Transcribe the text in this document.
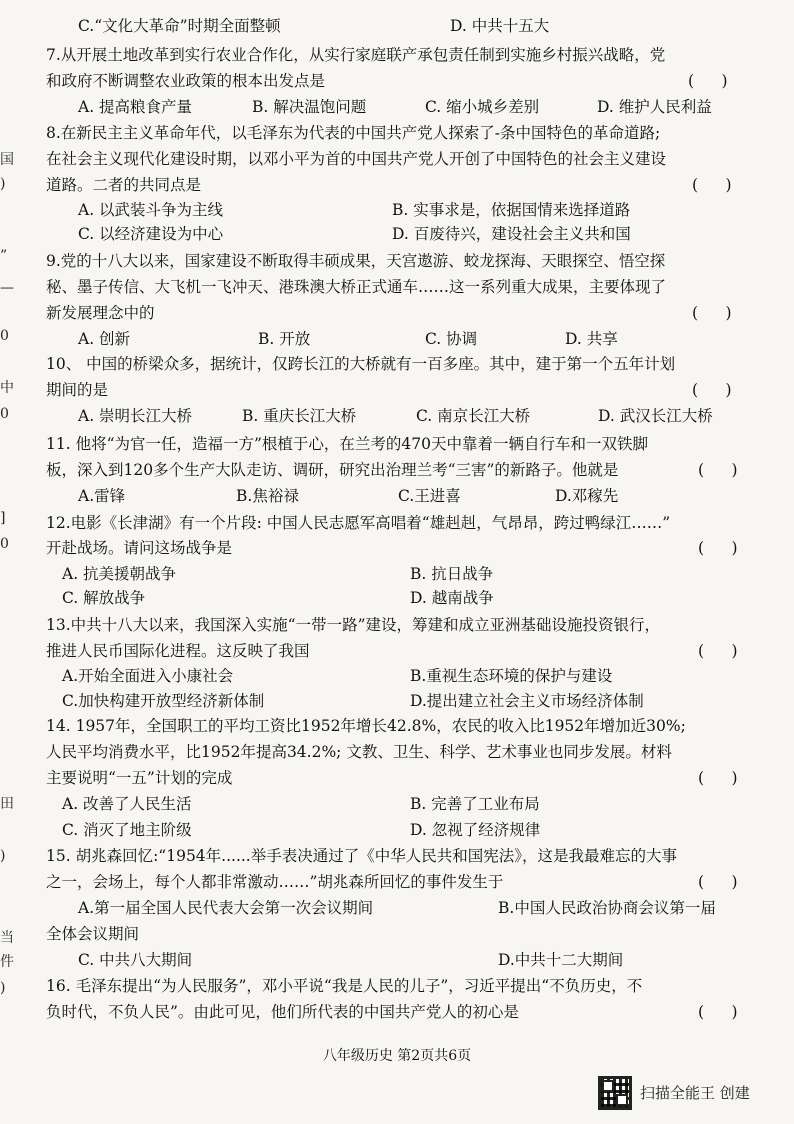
C.“文化大革命”时期全面整顿	D. 中共十五大
7.从开展土地改革到实行农业合作化，从实行家庭联产承包责任制到实施乡村振兴战略，党
和政府不断调整农业政策的根本出发点是
A. 提高粮食产量	B. 解决温饱问题	C. 缩小城乡差别	D. 维护人民利益
8.在新民主主义革命年代，以毛泽东为代表的中国共产党人探索了-条中国特色的革命道路;
在社会主义现代化建设时期，以邓小平为首的中国共产党人开创了中国特色的社会主义建设
道路。二者的共同点是
A. 以武装斗争为主线	B. 实事求是，依据国情来选择道路
C. 以经济建设为中心	D. 百废待兴，建设社会主义共和国
9.党的十八大以来，国家建设不断取得丰硕成果，天宫遨游、蛟龙探海、天眼探空、悟空探
秘、墨子传信、大飞机一飞冲天、港珠澳大桥正式通车……这一系列重大成果，主要体现了
新发展理念中的
A. 创新	B. 开放	C. 协调	D. 共享
10、 中国的桥梁众多，据统计，仅跨长江的大桥就有一百多座。其中，建于第一个五年计划
期间的是
A. 崇明长江大桥	B. 重庆长江大桥	C. 南京长江大桥	D. 武汉长江大桥
11. 他将“为官一任，造福一方”根植于心，在兰考的470天中靠着一辆自行车和一双铁脚
板，深入到120多个生产大队走访、调研，研究出治理兰考“三害”的新路子。他就是
A.雷锋	B.焦裕禄	C.王进喜	D.邓稼先
12.电影《长津湖》有一个片段: 中国人民志愿军高唱着“雄赳赳，气昂昂，跨过鸭绿江……”
开赴战场。请问这场战争是
A. 抗美援朝战争	B. 抗日战争
C. 解放战争	D. 越南战争
13.中共十八大以来，我国深入实施“一带一路”建设，筹建和成立亚洲基础设施投资银行，
推进人民币国际化进程。这反映了我国
A.开始全面进入小康社会	B.重视生态环境的保护与建设
C.加快构建开放型经济新体制	D.提出建立社会主义市场经济体制
14. 1957年，全国职工的平均工资比1952年增长42.8%，农民的收入比1952年增加近30%;
人民平均消费水平，比1952年提高34.2%; 文教、卫生、科学、艺术事业也同步发展。材料
主要说明“一五”计划的完成
A. 改善了人民生活	B. 完善了工业布局
C. 消灭了地主阶级	D. 忽视了经济规律
15. 胡兆森回忆:“1954年......举手表决通过了《中华人民共和国宪法》，这是我最难忘的大事
之一，会场上，每个人都非常激动……”胡兆森所回忆的事件发生于
A.第一届全国人民代表大会第一次会议期间	B.中国人民政治协商会议第一届
全体会议期间
C. 中共八大期间	D.中共十二大期间
16. 毛泽东提出“为人民服务”，邓小平说“我是人民的儿子”，习近平提出“不负历史，不
负时代，不负人民”。由此可见，他们所代表的中国共产党人的初心是
(　)
(　)
(　)
(　)
(　)
(　)
(　)
(　)
(　)
(　)
国
)
”
—
0
中
0
]
0
田
)
当
件
)
八年级历史 第2页共6页
扫描全能王 创建
